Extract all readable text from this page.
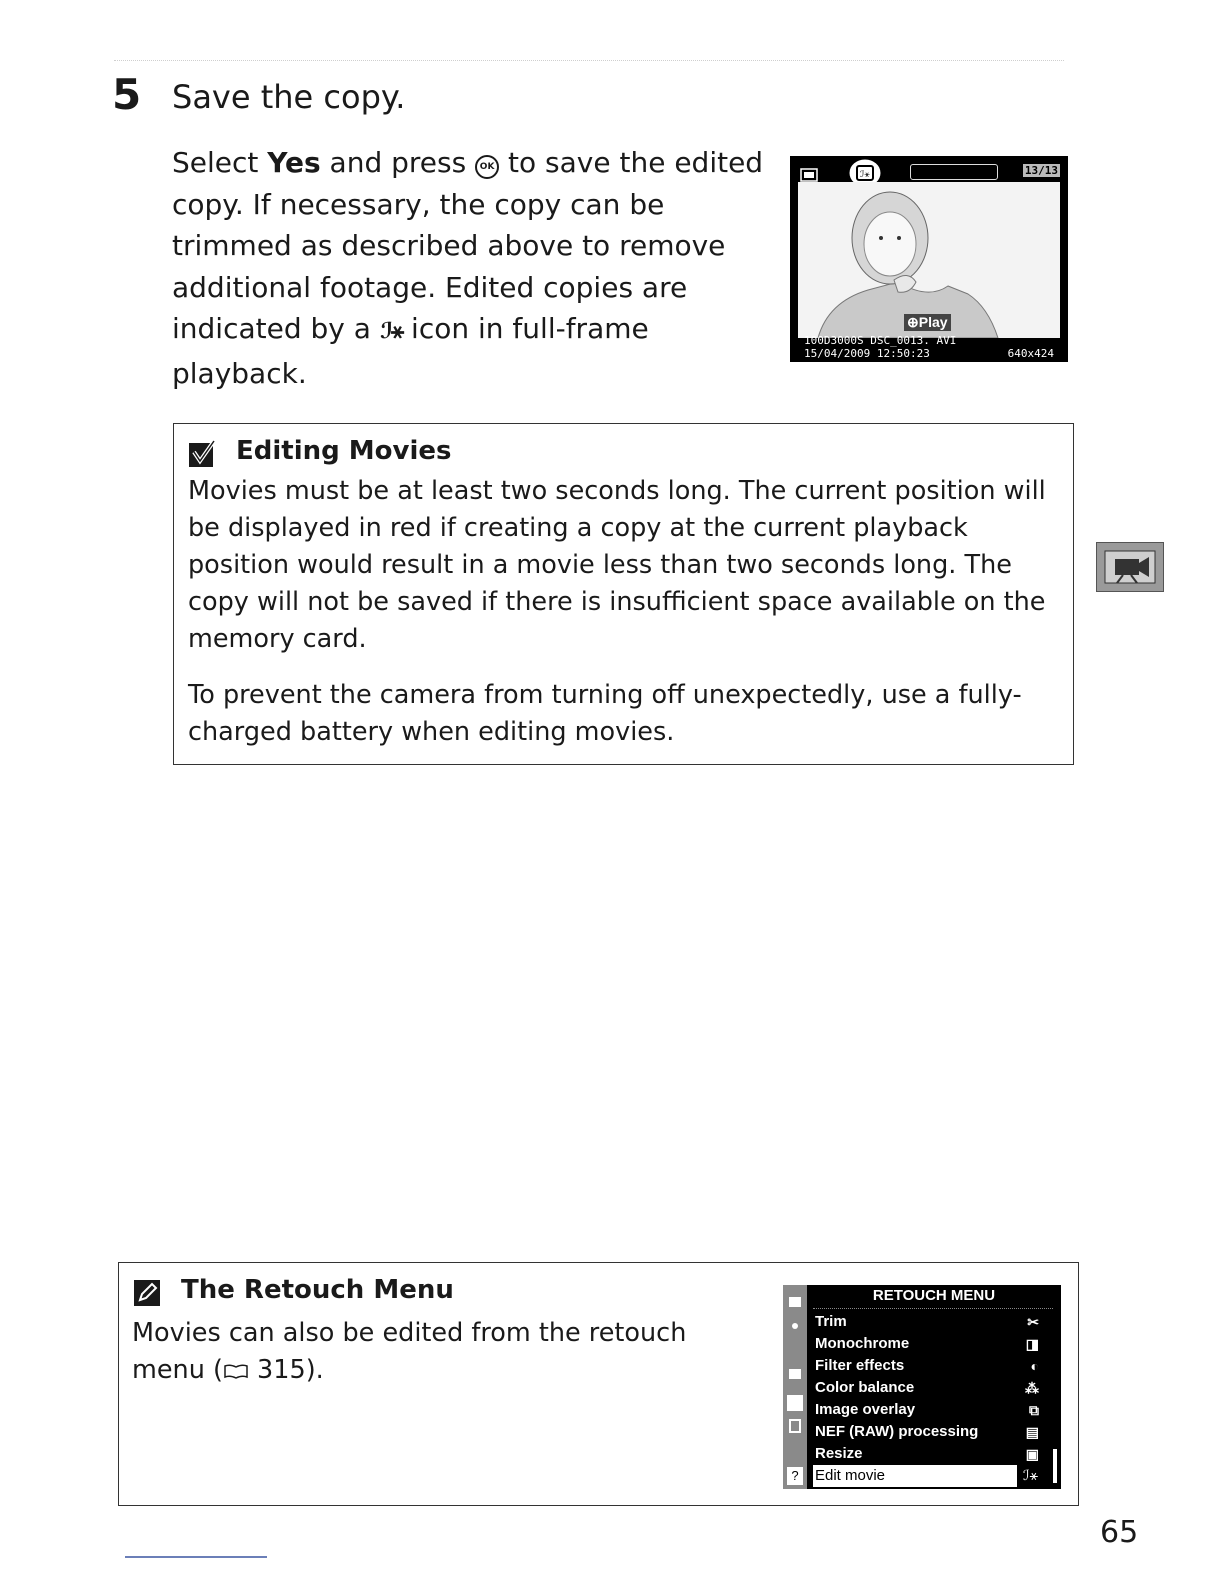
5 Save the copy.
Select Yes and press OK to save the edited copy. If necessary, the copy can be trimmed as described above to remove additional footage. Edited copies are indicated by a ℐ⚹ icon in full-frame playback.
ℐ⚹	13/13
⊕Play
100D3000S DSC_0013. AVI
15/04/2009 12:50:23	640x424
Editing Movies
Movies must be at least two seconds long. The current position will be displayed in red if creating a copy at the current playback position would result in a movie less than two seconds long. The copy will not be saved if there is insufficient space available on the memory card.
To prevent the camera from turning off unexpectedly, use a fully-charged battery when editing movies.
The Retouch Menu
Movies can also be edited from the retouch menu ( 315).
RETOUCH MENU
Trim	✂
Monochrome	◨
Filter effects	◐
Color balance	⁂
Image overlay	⧉
NEF (RAW) processing	▤
Resize	▣
Edit movie	ℐ⚹
?
65
